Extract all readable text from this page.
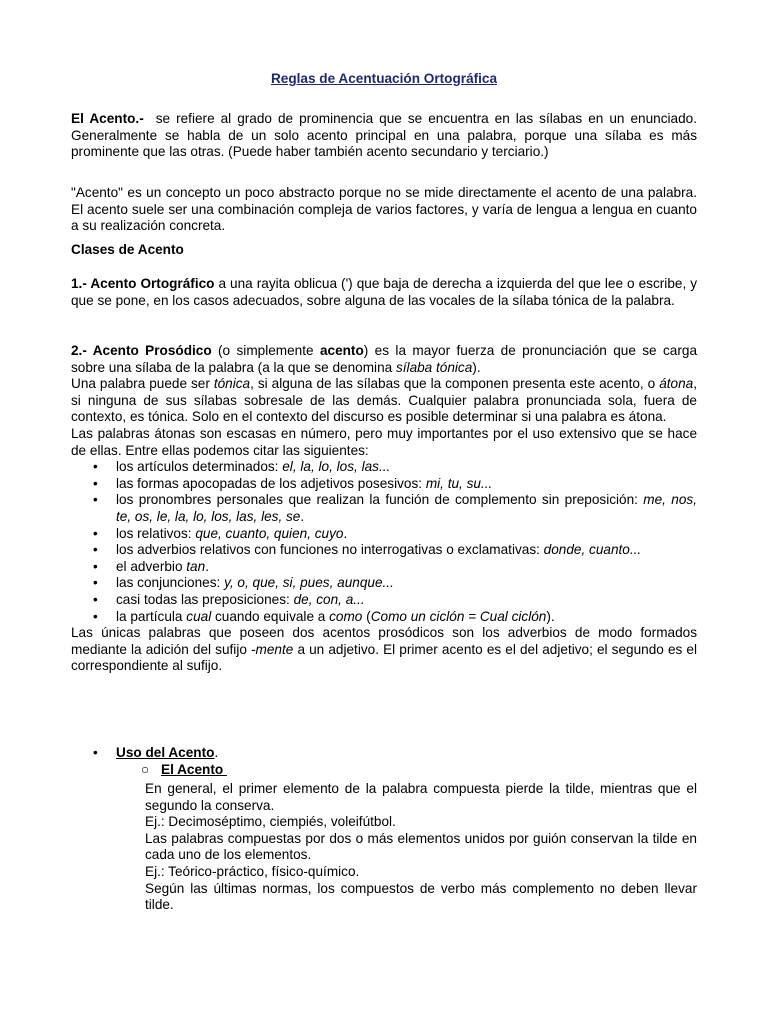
Reglas de Acentuación Ortográfica

El Acento.- se refiere al grado de prominencia que se encuentra en las sílabas en un enunciado. Generalmente se habla de un solo acento principal en una palabra, porque una sílaba es más prominente que las otras. (Puede haber también acento secundario y terciario.)

"Acento" es un concepto un poco abstracto porque no se mide directamente el acento de una palabra. El acento suele ser una combinación compleja de varios factores, y varía de lengua a lengua en cuanto a su realización concreta.

Clases de Acento

1.- Acento Ortográfico a una rayita oblicua (') que baja de derecha a izquierda del que lee o escribe, y que se pone, en los casos adecuados, sobre alguna de las vocales de la sílaba tónica de la palabra.

2.- Acento Prosódico (o simplemente acento) es la mayor fuerza de pronunciación que se carga sobre una sílaba de la palabra (a la que se denomina sílaba tónica).

Una palabra puede ser tónica, si alguna de las sílabas que la componen presenta este acento, o átona, si ninguna de sus sílabas sobresale de las demás. Cualquier palabra pronunciada sola, fuera de contexto, es tónica. Solo en el contexto del discurso es posible determinar si una palabra es átona.

Las palabras átonas son escasas en número, pero muy importantes por el uso extensivo que se hace de ellas. Entre ellas podemos citar las siguientes:

• los artículos determinados: el, la, lo, los, las...
• las formas apocopadas de los adjetivos posesivos: mi, tu, su...
• los pronombres personales que realizan la función de complemento sin preposición: me, nos, te, os, le, la, lo, los, las, les, se.
• los relativos: que, cuanto, quien, cuyo.
• los adverbios relativos con funciones no interrogativas o exclamativas: donde, cuanto...
• el adverbio tan.
• las conjunciones: y, o, que, si, pues, aunque...
• casi todas las preposiciones: de, con, a...
• la partícula cual cuando equivale a como (Como un ciclón = Cual ciclón).

Las únicas palabras que poseen dos acentos prosódicos son los adverbios de modo formados mediante la adición del sufijo -mente a un adjetivo. El primer acento es el del adjetivo; el segundo es el correspondiente al sufijo.

• Uso del Acento.
○ El Acento

En general, el primer elemento de la palabra compuesta pierde la tilde, mientras que el segundo la conserva.

Ej.: Decimoséptimo, ciempiés, voleifútbol.

Las palabras compuestas por dos o más elementos unidos por guión conservan la tilde en cada uno de los elementos.

Ej.: Teórico-práctico, físico-químico.

Según las últimas normas, los compuestos de verbo más complemento no deben llevar tilde.
